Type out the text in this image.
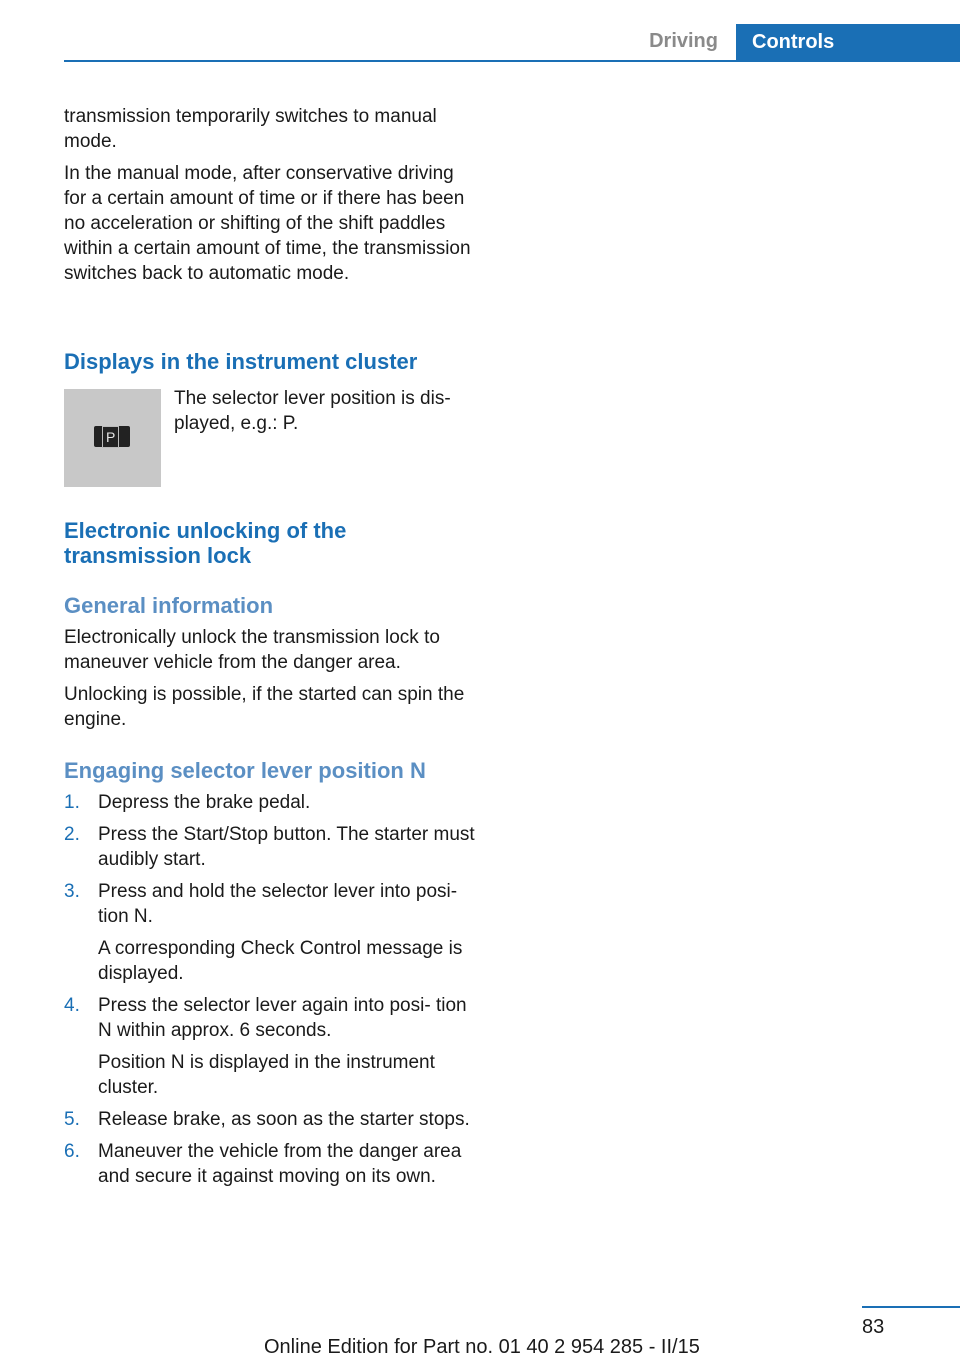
Driving Controls

transmission temporarily switches to manual mode.

In the manual mode, after conservative driving for a certain amount of time or if there has been no acceleration or shifting of the shift paddles within a certain amount of time, the transmission switches back to automatic mode.

Displays in the instrument cluster
P
The selector lever position is dis‐ played, e.g.: P.
Electronic unlocking of the transmission lock
General information

Electronically unlock the transmission lock to maneuver vehicle from the danger area.

Unlocking is possible, if the started can spin the engine.

Engaging selector lever position N
1. Depress the brake pedal.

2. Press the Start/Stop button. The starter must audibly start.

3. Press and hold the selector lever into posi‐ tion N.

A corresponding Check Control message is displayed.

4. Press the selector lever again into posi‐ tion N within approx. 6 seconds.

Position N is displayed in the instrument cluster.

5. Release brake, as soon as the starter stops.

6. Maneuver the vehicle from the danger area and secure it against moving on its own.

83
Online Edition for Part no. 01 40 2 954 285 - II/15
